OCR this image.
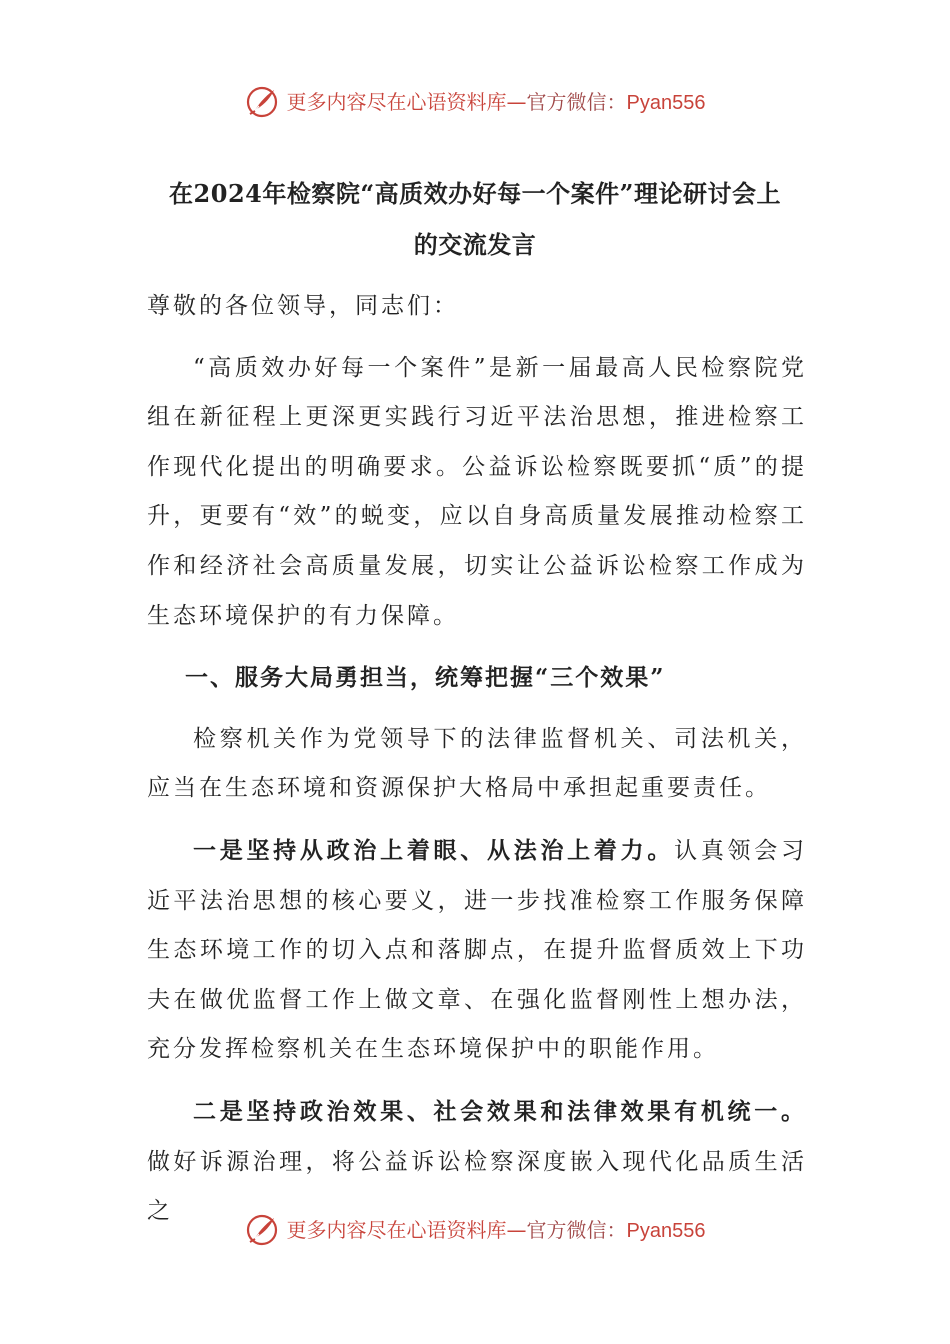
更多内容尽在心语资料库—官方微信：Pyan556
在2024年检察院“高质效办好每一个案件”理论研讨会上
的交流发言

尊敬的各位领导，同志们：

“高质效办好每一个案件”是新一届最高人民检察院党组在新征程上更深更实践行习近平法治思想，推进检察工作现代化提出的明确要求。公益诉讼检察既要抓“质”的提升，更要有“效”的蜕变，应以自身高质量发展推动检察工作和经济社会高质量发展，切实让公益诉讼检察工作成为生态环境保护的有力保障。

一、服务大局勇担当，统筹把握“三个效果”

检察机关作为党领导下的法律监督机关、司法机关，应当在生态环境和资源保护大格局中承担起重要责任。

一是坚持从政治上着眼、从法治上着力。认真领会习近平法治思想的核心要义，进一步找准检察工作服务保障生态环境工作的切入点和落脚点，在提升监督质效上下功夫在做优监督工作上做文章、在强化监督刚性上想办法，充分发挥检察机关在生态环境保护中的职能作用。

二是坚持政治效果、社会效果和法律效果有机统一。做好诉源治理，将公益诉讼检察深度嵌入现代化品质生活之

更多内容尽在心语资料库—官方微信：Pyan556
